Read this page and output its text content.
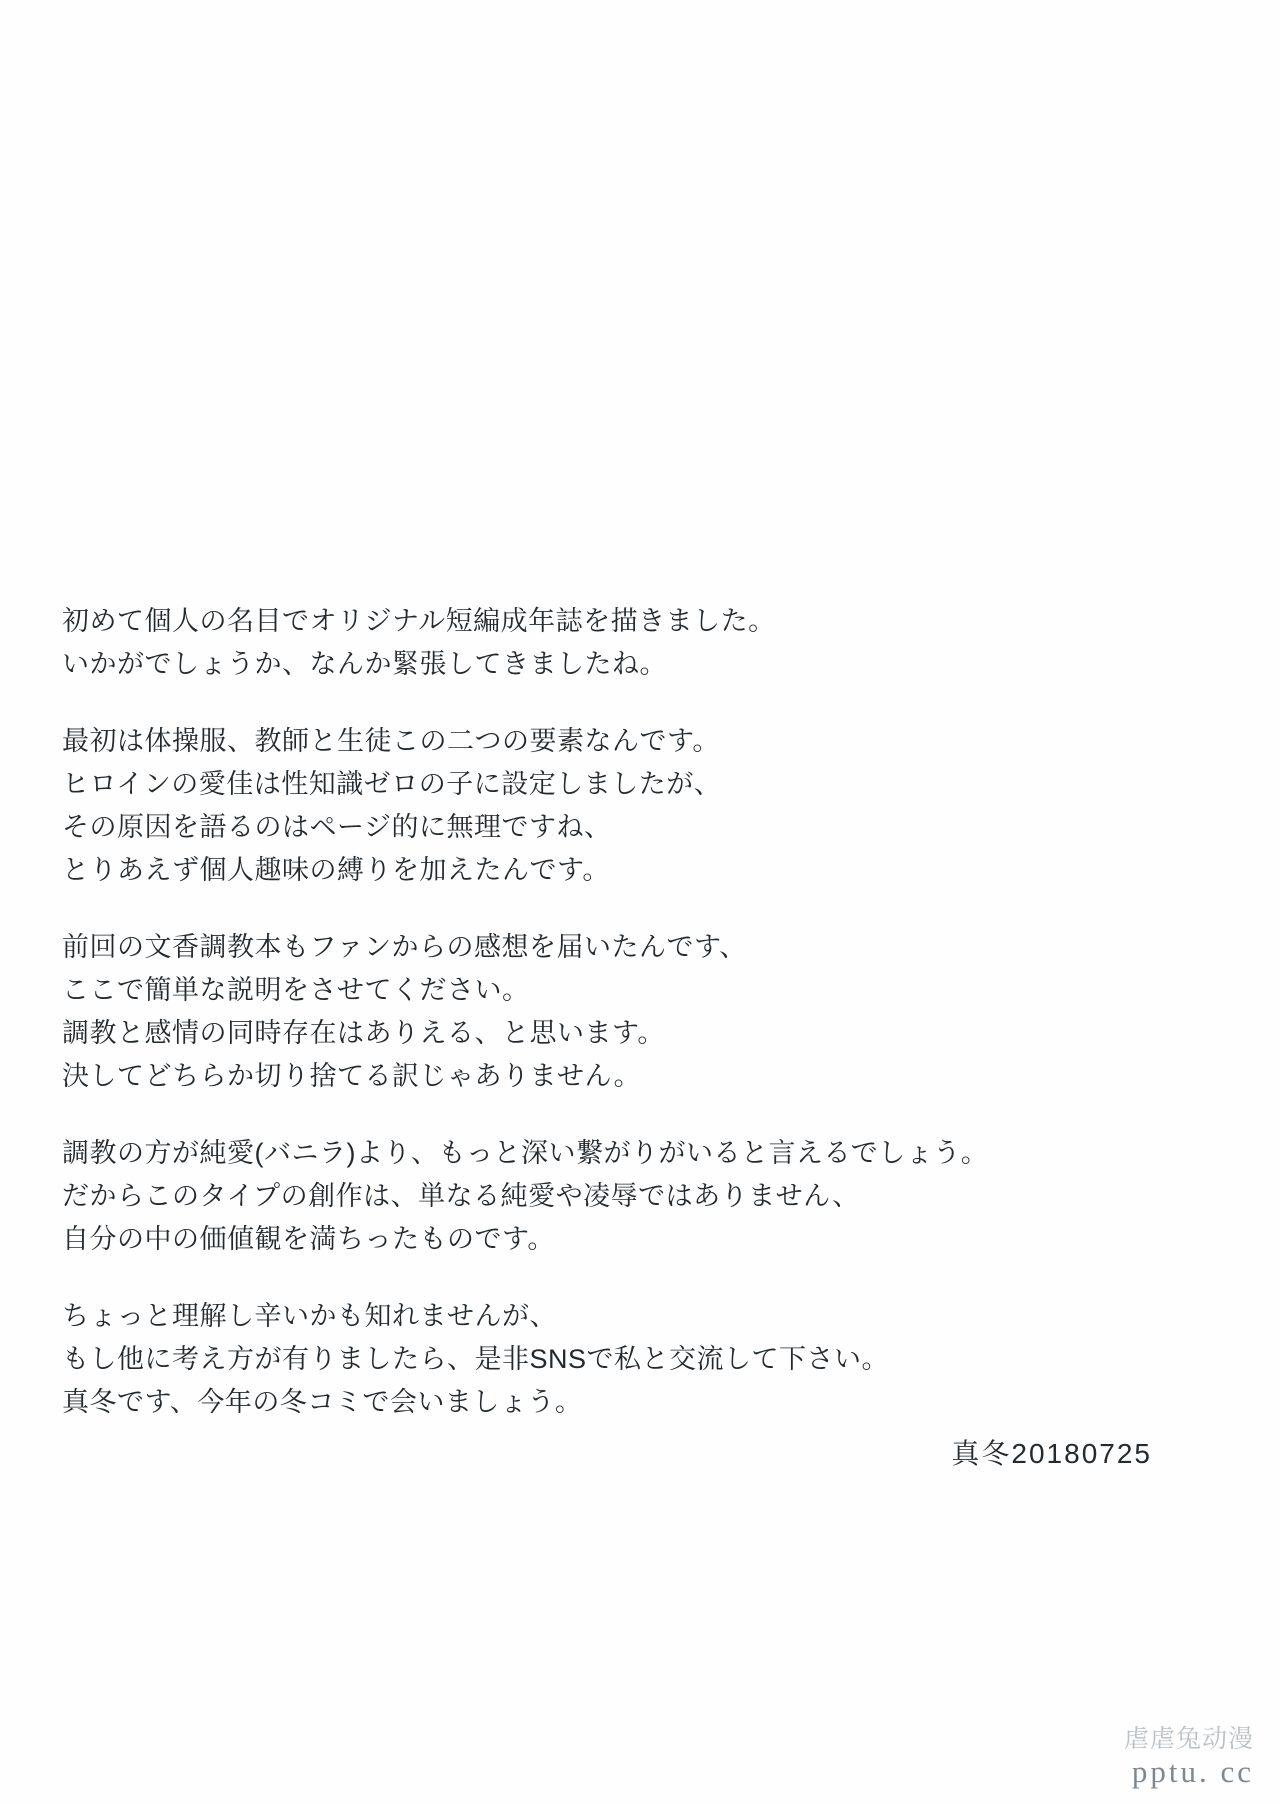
初めて個人の名目でオリジナル短編成年誌を描きました。
いかがでしょうか、なんか緊張してきましたね。
最初は体操服、教師と生徒この二つの要素なんです。
ヒロインの愛佳は性知識ゼロの子に設定しましたが、
その原因を語るのはページ的に無理ですね、
とりあえず個人趣味の縛りを加えたんです。
前回の文香調教本もファンからの感想を届いたんです、
ここで簡単な説明をさせてください。
調教と感情の同時存在はありえる、と思います。
決してどちらか切り捨てる訳じゃありません。
調教の方が純愛(バニラ)より、もっと深い繋がりがいると言えるでしょう。
だからこのタイプの創作は、単なる純愛や凌辱ではありません、
自分の中の価値観を満ちったものです。
ちょっと理解し辛いかも知れませんが、
もし他に考え方が有りましたら、是非SNSで私と交流して下さい。
真冬です、今年の冬コミで会いましょう。
真冬20180725
虐虐兔动漫
pptu. cc
